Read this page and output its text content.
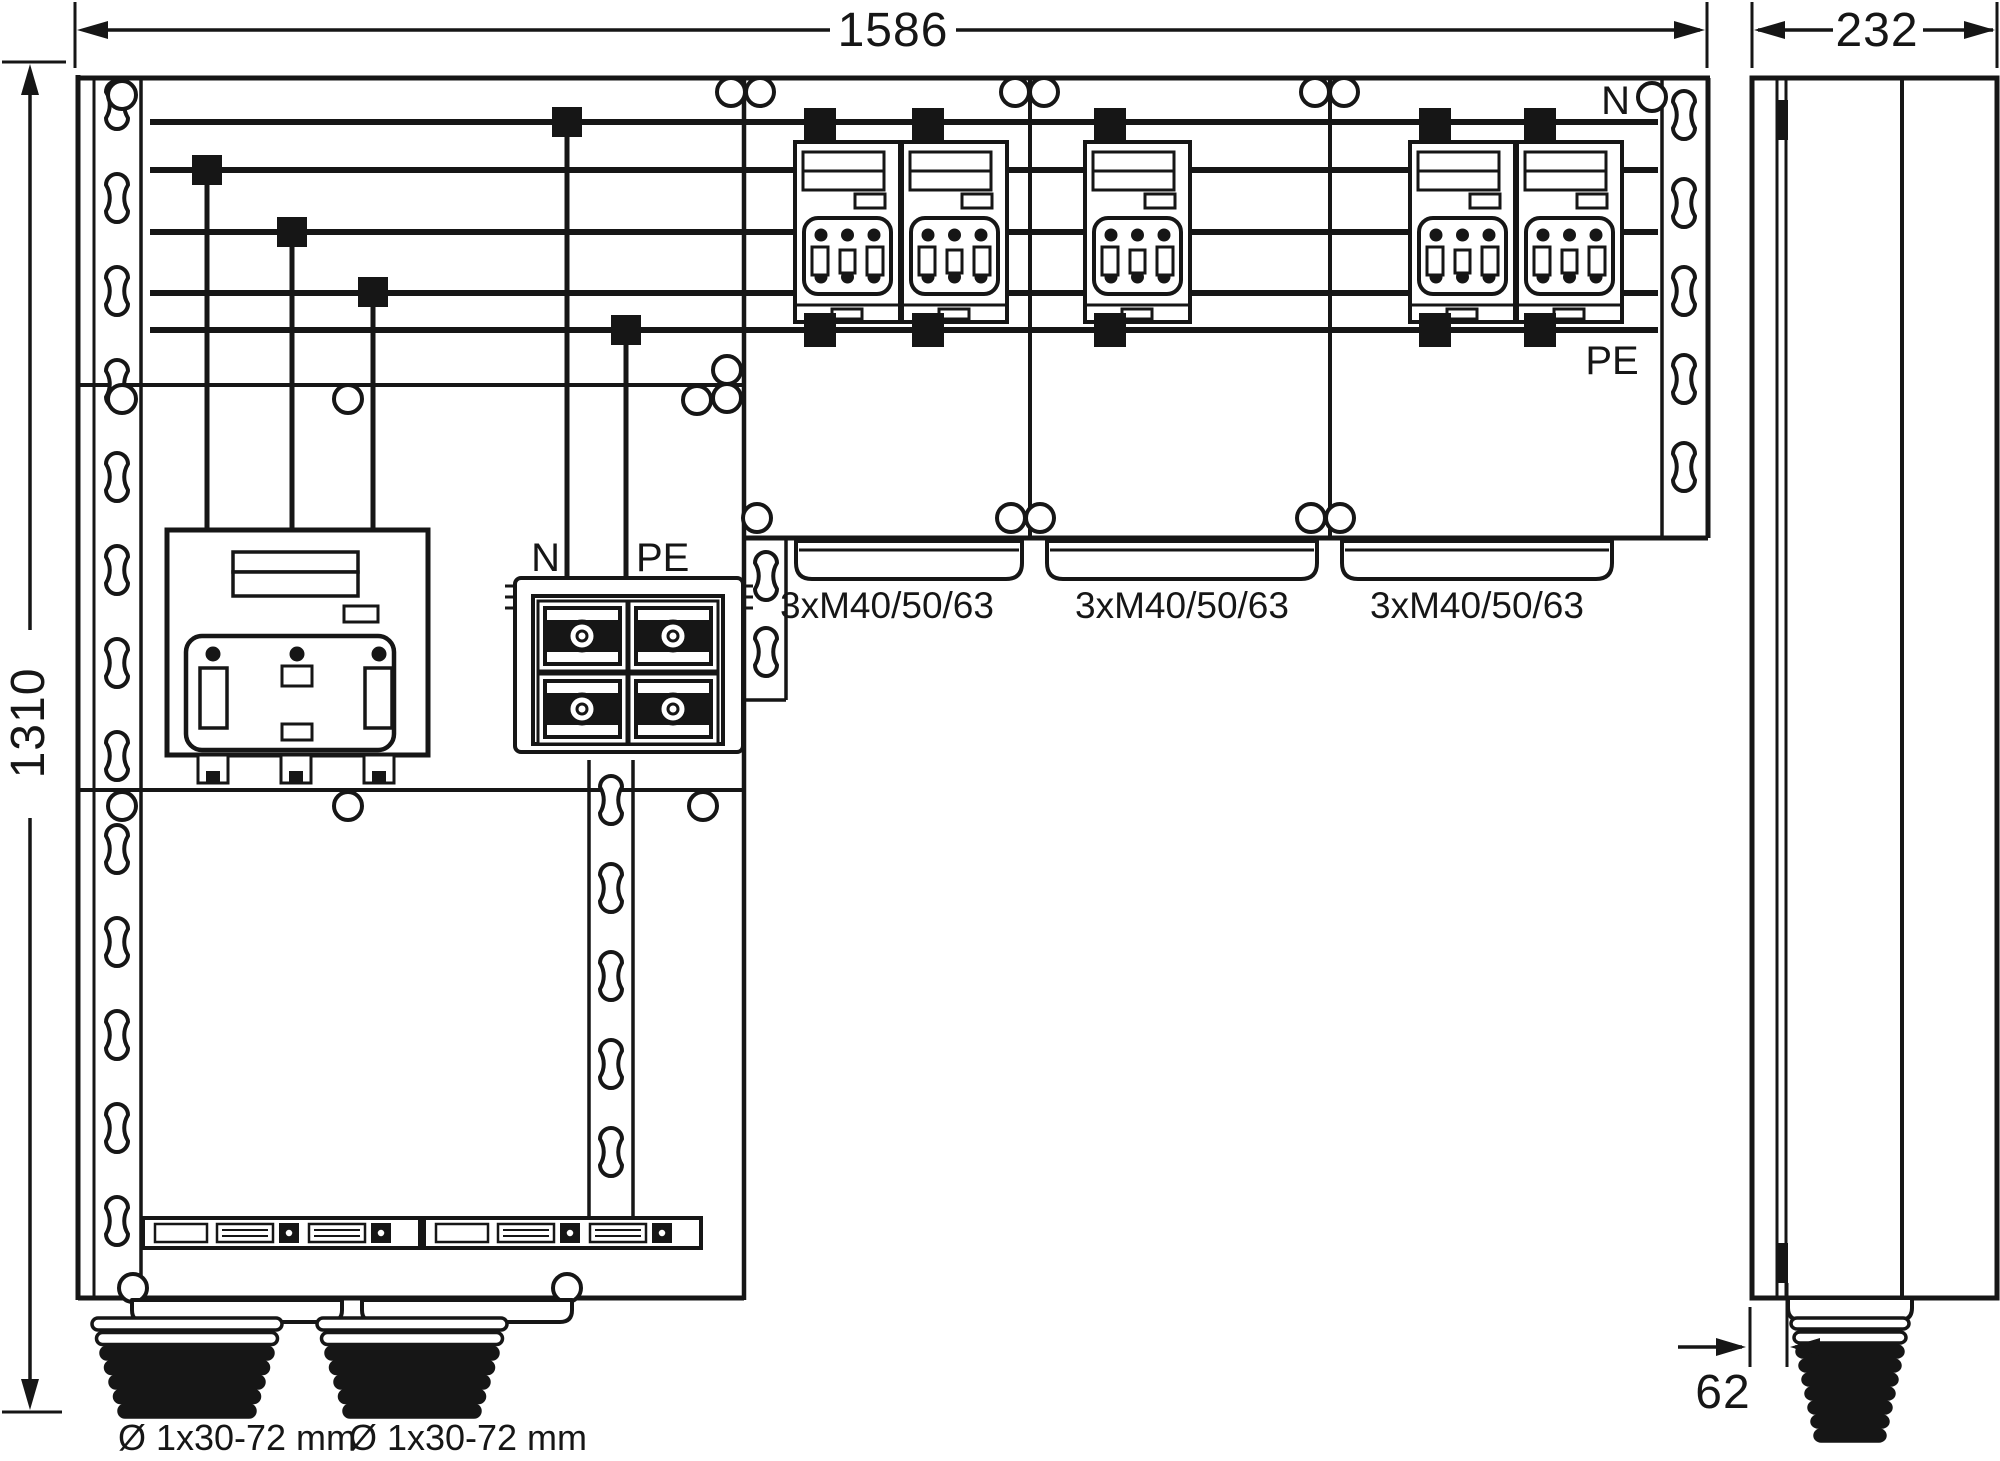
1586	232
1310
62
N
PE
N PE
3xM40/50/63 3xM40/50/63 3xM40/50/63
Ø 1x30-72 mm
Ø 1x30-72 mm
